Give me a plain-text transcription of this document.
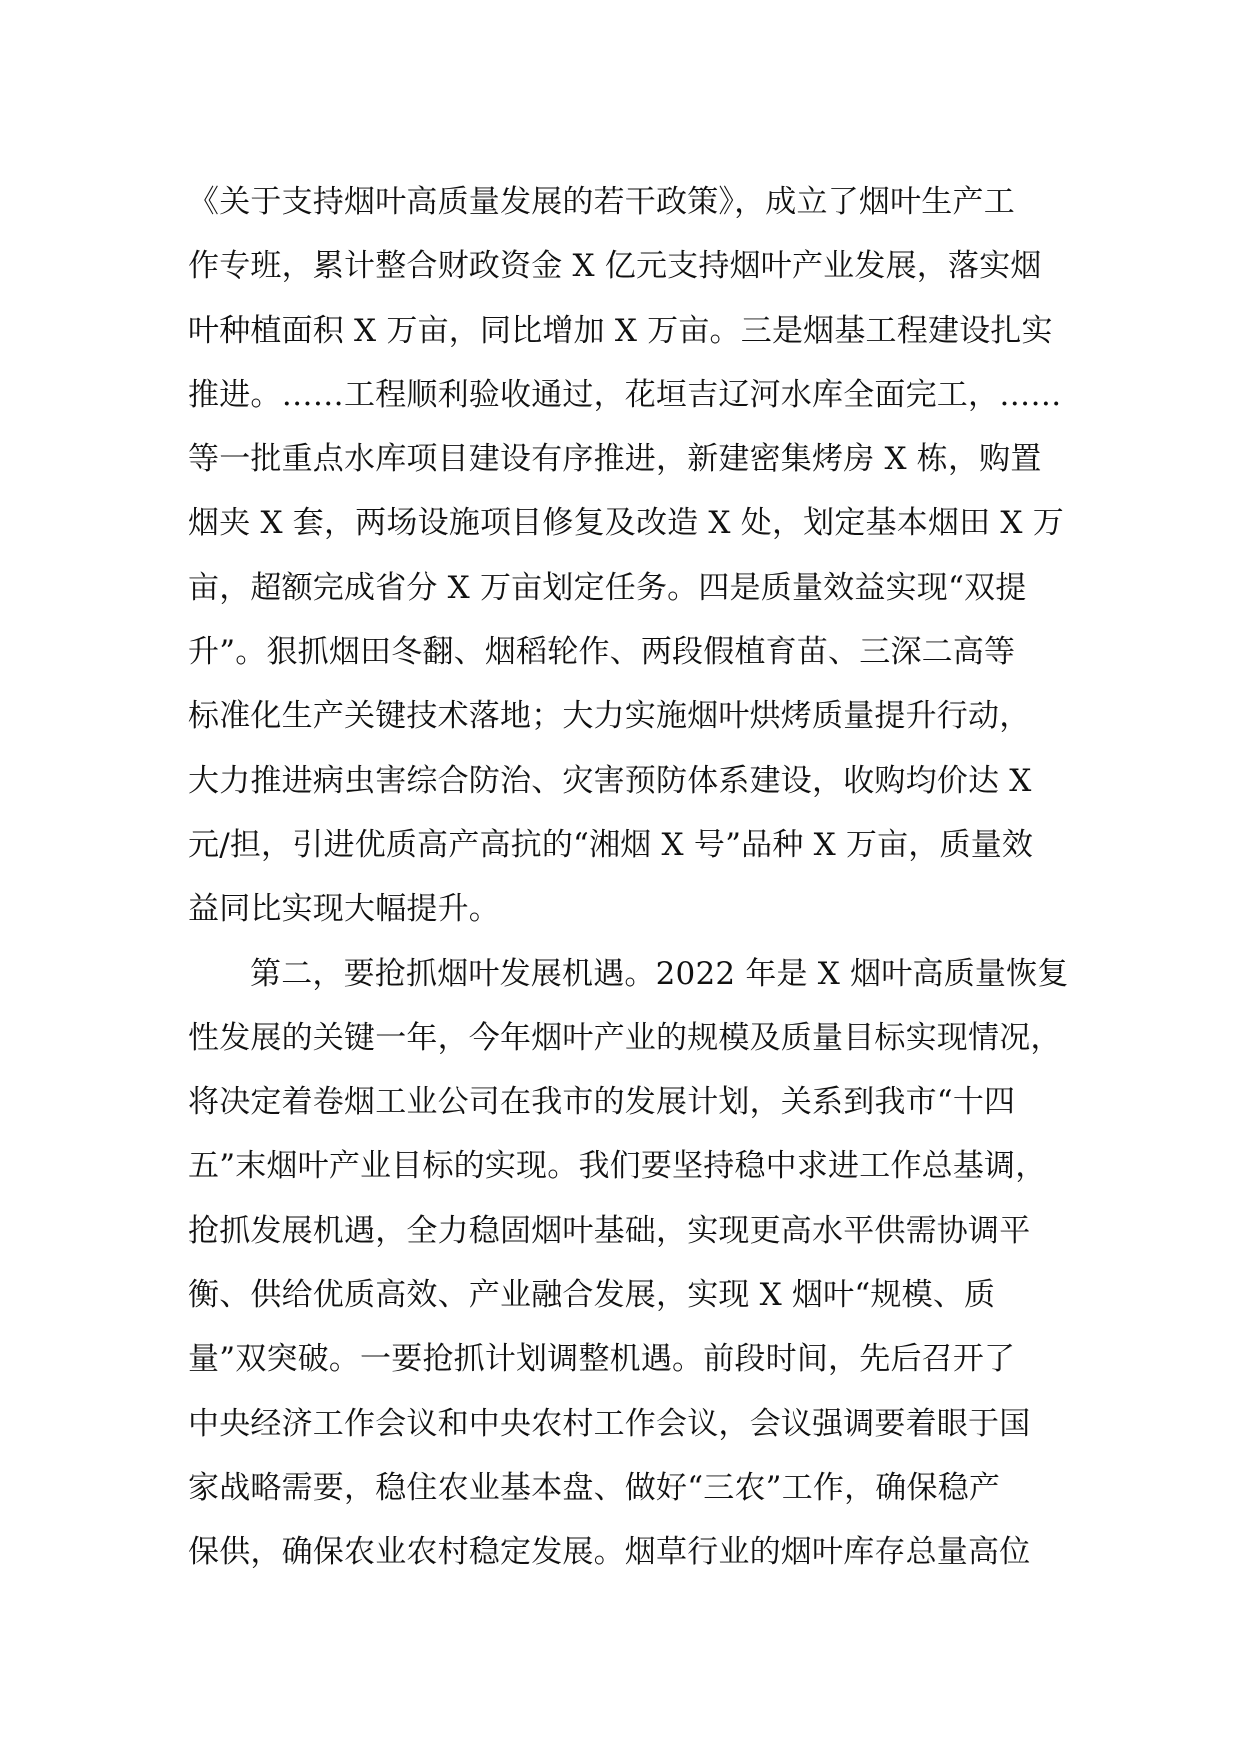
《关于支持烟叶高质量发展的若干政策》，成立了烟叶生产工
作专班，累计整合财政资金 X 亿元支持烟叶产业发展，落实烟
叶种植面积 X 万亩，同比增加 X 万亩。三是烟基工程建设扎实
推进。……工程顺利验收通过，花垣吉辽河水库全面完工，……
等一批重点水库项目建设有序推进，新建密集烤房 X 栋，购置
烟夹 X 套，两场设施项目修复及改造 X 处，划定基本烟田 X 万
亩，超额完成省分 X 万亩划定任务。四是质量效益实现“双提
升”。狠抓烟田冬翻、烟稻轮作、两段假植育苗、三深二高等
标准化生产关键技术落地；大力实施烟叶烘烤质量提升行动，
大力推进病虫害综合防治、灾害预防体系建设，收购均价达 X
元/担，引进优质高产高抗的“湘烟 X 号”品种 X 万亩，质量效
益同比实现大幅提升。
第二，要抢抓烟叶发展机遇。2022 年是 X 烟叶高质量恢复
性发展的关键一年，今年烟叶产业的规模及质量目标实现情况，
将决定着卷烟工业公司在我市的发展计划，关系到我市“十四
五”末烟叶产业目标的实现。我们要坚持稳中求进工作总基调，
抢抓发展机遇，全力稳固烟叶基础，实现更高水平供需协调平
衡、供给优质高效、产业融合发展，实现 X 烟叶“规模、质
量”双突破。一要抢抓计划调整机遇。前段时间，先后召开了
中央经济工作会议和中央农村工作会议，会议强调要着眼于国
家战略需要，稳住农业基本盘、做好“三农”工作，确保稳产
保供，确保农业农村稳定发展。烟草行业的烟叶库存总量高位
